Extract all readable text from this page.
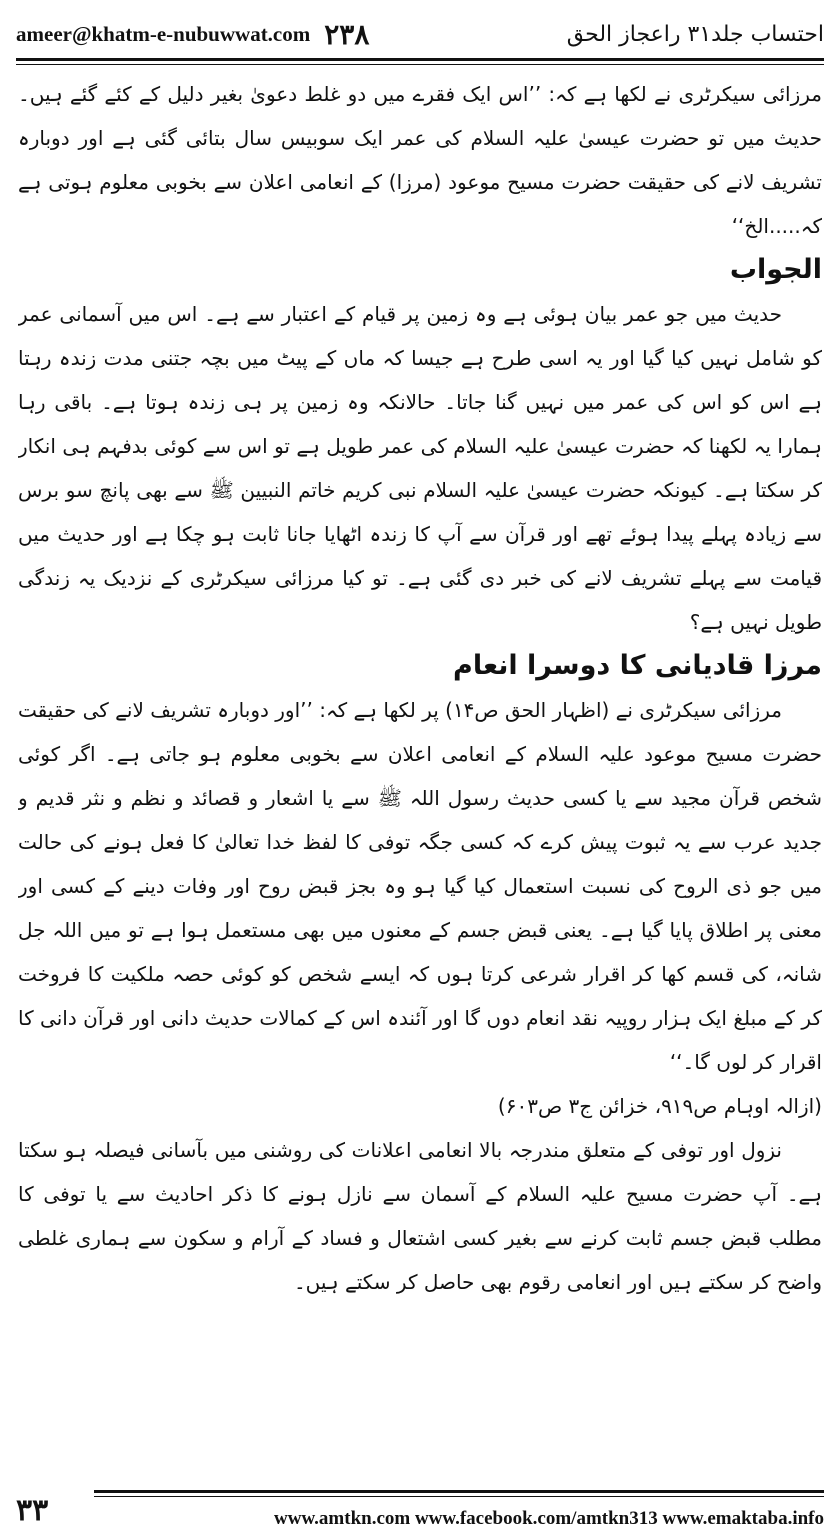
ameer@khatm-e-nubuwwat.com ۲۳۸	احتساب جلد۳۱ راعجاز الحق

مرزائی سیکرٹری نے لکھا ہے کہ: ’’اس ایک فقرے میں دو غلط دعویٰ بغیر دلیل کے کئے گئے ہیں۔ حدیث میں تو حضرت عیسیٰ علیہ السلام کی عمر ایک سوبیس سال بتائی گئی ہے اور دوبارہ تشریف لانے کی حقیقت حضرت مسیح موعود (مرزا) کے انعامی اعلان سے بخوبی معلوم ہوتی ہے کہ.....الخ‘‘

الجواب

حدیث میں جو عمر بیان ہوئی ہے وہ زمین پر قیام کے اعتبار سے ہے۔ اس میں آسمانی عمر کو شامل نہیں کیا گیا اور یہ اسی طرح ہے جیسا کہ ماں کے پیٹ میں بچہ جتنی مدت زندہ رہتا ہے اس کو اس کی عمر میں نہیں گنا جاتا۔ حالانکہ وہ زمین پر ہی زندہ ہوتا ہے۔ باقی رہا ہمارا یہ لکھنا کہ حضرت عیسیٰ علیہ السلام کی عمر طویل ہے تو اس سے کوئی بدفہم ہی انکار کر سکتا ہے۔ کیونکہ حضرت عیسیٰ علیہ السلام نبی کریم خاتم النبیین ﷺ سے بھی پانچ سو برس سے زیادہ پہلے پیدا ہوئے تھے اور قرآن سے آپ کا زندہ اٹھایا جانا ثابت ہو چکا ہے اور حدیث میں قیامت سے پہلے تشریف لانے کی خبر دی گئی ہے۔ تو کیا مرزائی سیکرٹری کے نزدیک یہ زندگی طویل نہیں ہے؟

مرزا قادیانی کا دوسرا انعام

مرزائی سیکرٹری نے (اظہار الحق ص۱۴) پر لکھا ہے کہ: ’’اور دوبارہ تشریف لانے کی حقیقت حضرت مسیح موعود علیہ السلام کے انعامی اعلان سے بخوبی معلوم ہو جاتی ہے۔ اگر کوئی شخص قرآن مجید سے یا کسی حدیث رسول اللہ ﷺ سے یا اشعار و قصائد و نظم و نثر قدیم و جدید عرب سے یہ ثبوت پیش کرے کہ کسی جگہ توفی کا لفظ خدا تعالیٰ کا فعل ہونے کی حالت میں جو ذی الروح کی نسبت استعمال کیا گیا ہو وہ بجز قبض روح اور وفات دینے کے کسی اور معنی پر اطلاق پایا گیا ہے۔ یعنی قبض جسم کے معنوں میں بھی مستعمل ہوا ہے تو میں اللہ جل شانہ، کی قسم کھا کر اقرار شرعی کرتا ہوں کہ ایسے شخص کو کوئی حصہ ملکیت کا فروخت کر کے مبلغ ایک ہزار روپیہ نقد انعام دوں گا اور آئندہ اس کے کمالات حدیث دانی اور قرآن دانی کا اقرار کر لوں گا۔‘‘

(ازالہ اوہام ص۹۱۹، خزائن ج۳ ص۶۰۳)

نزول اور توفی کے متعلق مندرجہ بالا انعامی اعلانات کی روشنی میں بآسانی فیصلہ ہو سکتا ہے۔ آپ حضرت مسیح علیہ السلام کے آسمان سے نازل ہونے کا ذکر احادیث سے یا توفی کا مطلب قبض جسم ثابت کرنے سے بغیر کسی اشتعال و فساد کے آرام و سکون سے ہماری غلطی واضح کر سکتے ہیں اور انعامی رقوم بھی حاصل کر سکتے ہیں۔

۳۳	www.amtkn.com www.facebook.com/amtkn313 www.emaktaba.info
